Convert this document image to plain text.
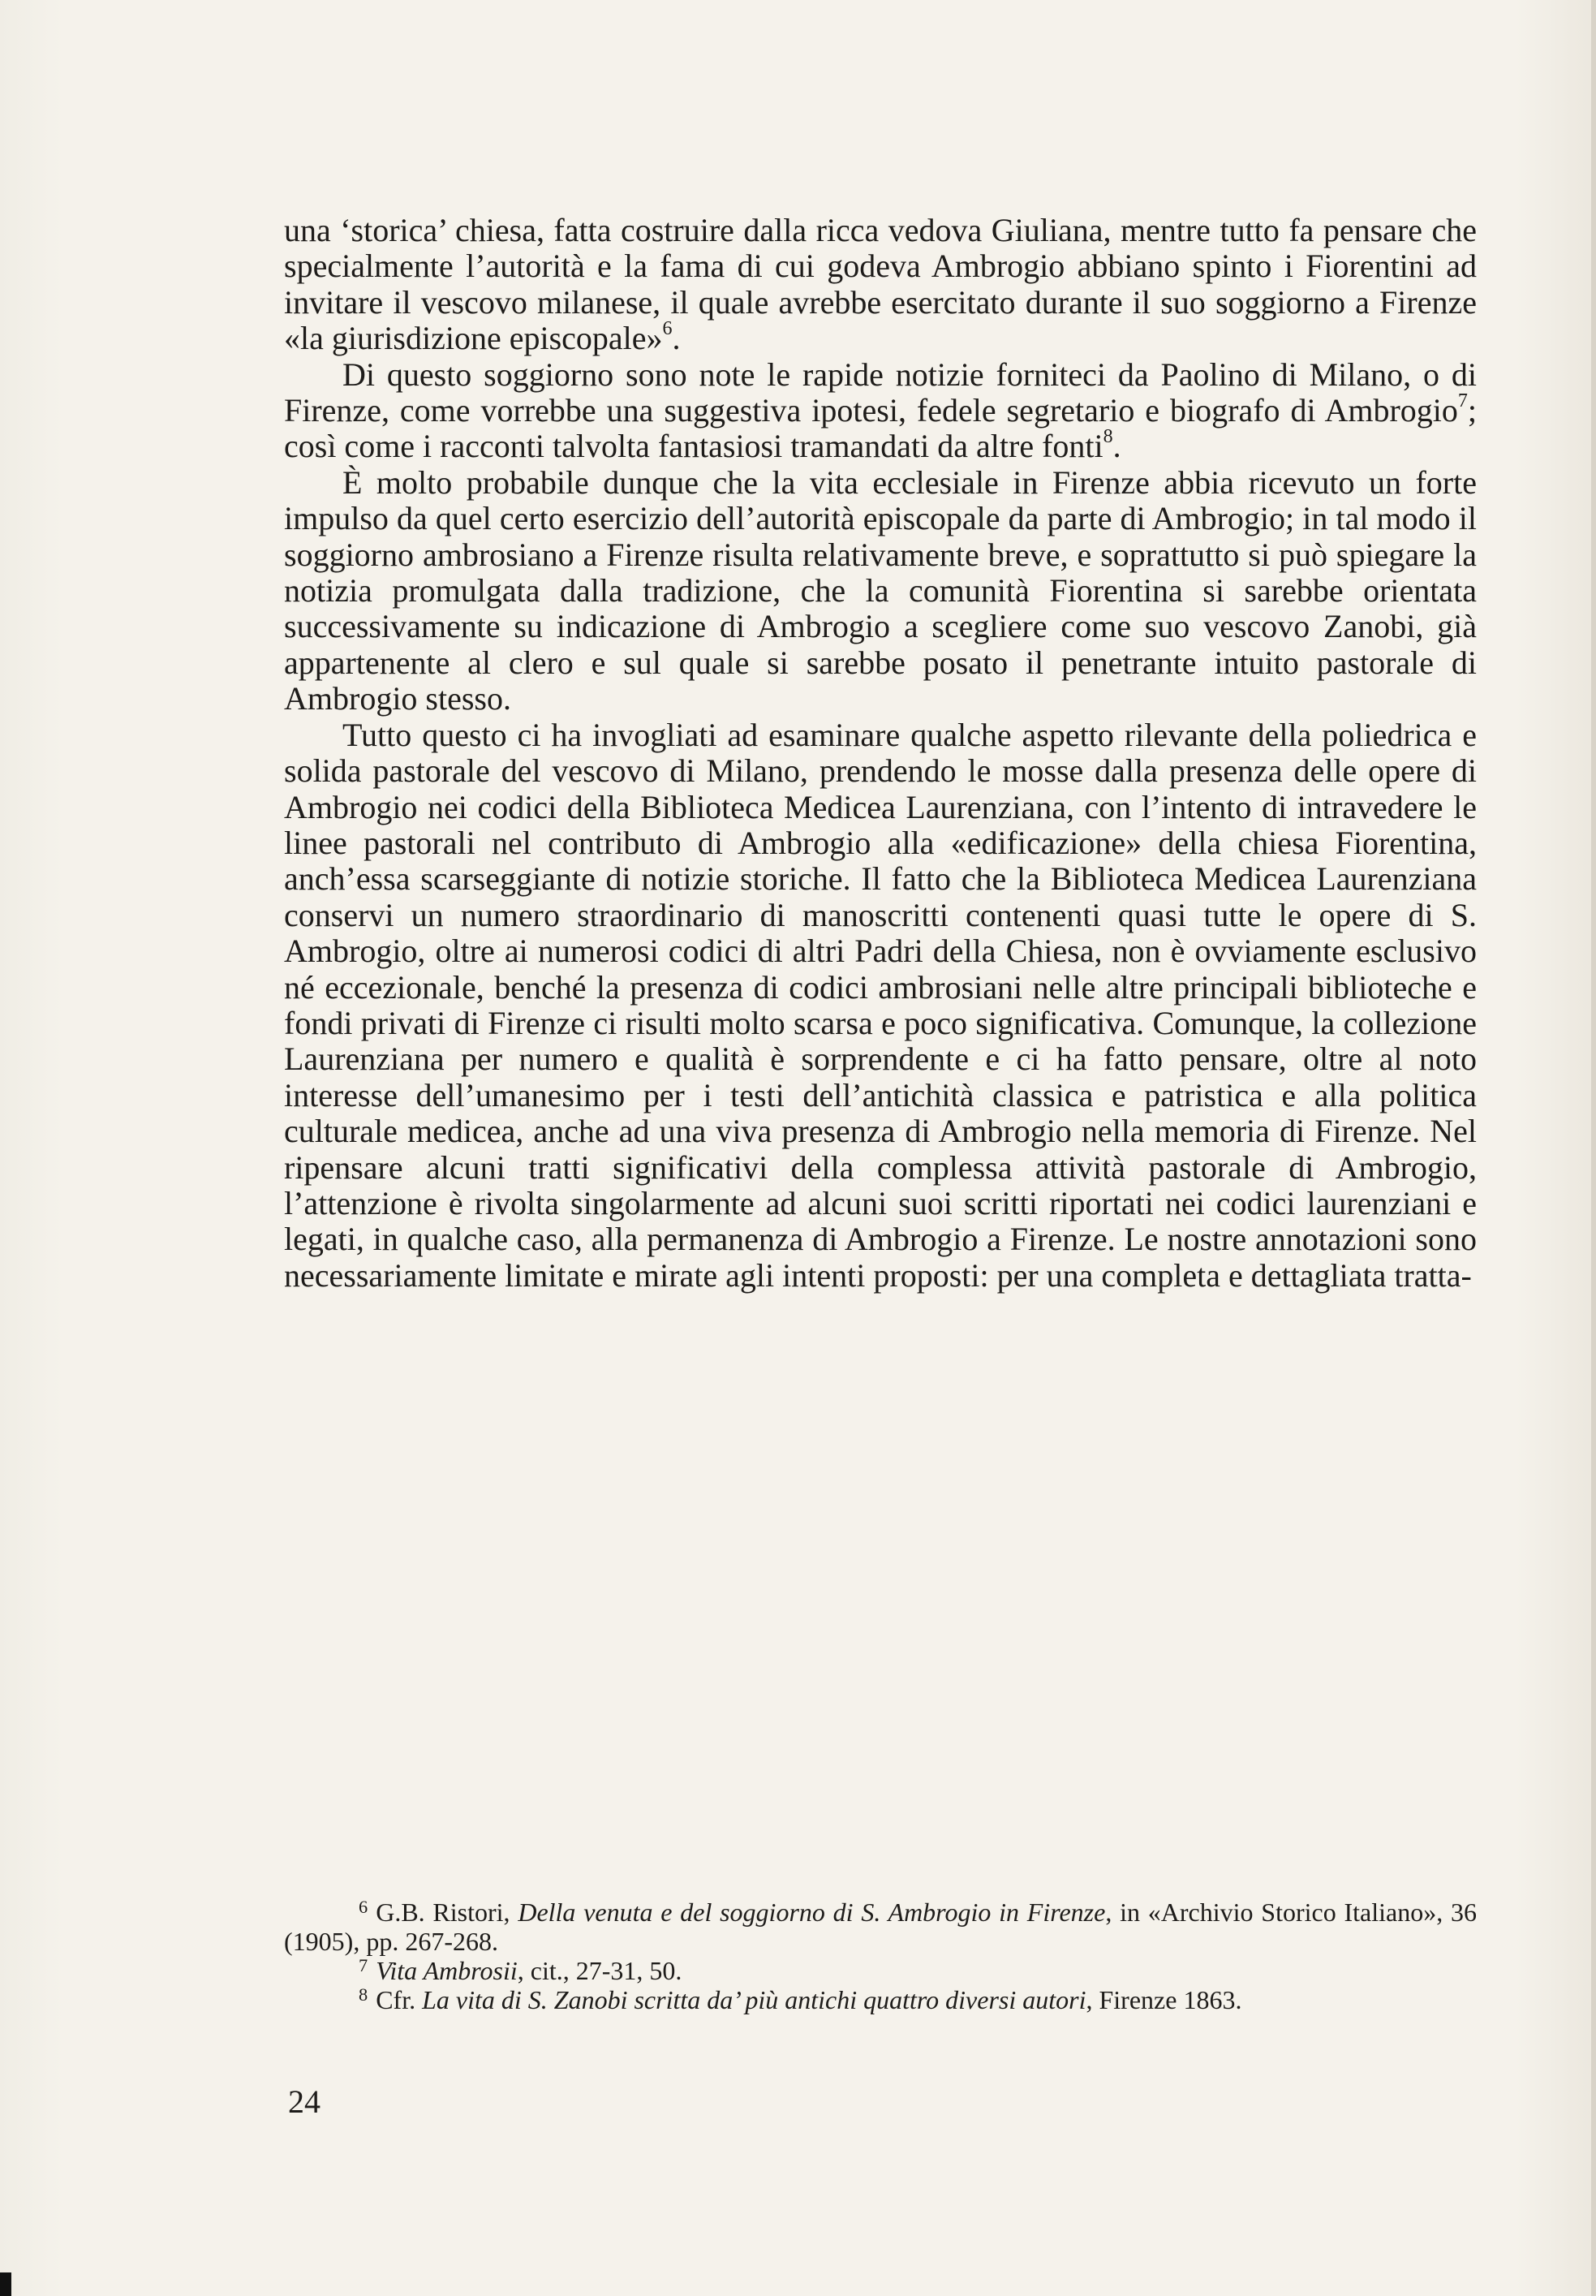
una ‘storica’ chiesa, fatta costruire dalla ricca vedova Giuliana, mentre tutto fa pensare che specialmente l’autorità e la fama di cui godeva Ambrogio abbiano spinto i Fiorentini ad invitare il vescovo milanese, il quale avrebbe esercitato durante il suo soggiorno a Firenze «la giurisdizione episcopale»$^6$.

Di questo soggiorno sono note le rapide notizie forniteci da Paolino di Milano, o di Firenze, come vorrebbe una suggestiva ipotesi, fedele segretario e biografo di Ambrogio$^7$; così come i racconti talvolta fantasiosi tramandati da altre fonti$^8$.

È molto probabile dunque che la vita ecclesiale in Firenze abbia ricevuto un forte impulso da quel certo esercizio dell’autorità episcopale da parte di Ambrogio; in tal modo il soggiorno ambrosiano a Firenze risulta relativamente breve, e soprattutto si può spiegare la notizia promulgata dalla tradizione, che la comunità Fiorentina si sarebbe orientata successivamente su indicazione di Ambrogio a scegliere come suo vescovo Zanobi, già appartenente al clero e sul quale si sarebbe posato il penetrante intuito pastorale di Ambrogio stesso.

Tutto questo ci ha invogliati ad esaminare qualche aspetto rilevante della poliedrica e solida pastorale del vescovo di Milano, prendendo le mosse dalla presenza delle opere di Ambrogio nei codici della Biblioteca Medicea Laurenziana, con l’intento di intravedere le linee pastorali nel contributo di Ambrogio alla «edificazione» della chiesa Fiorentina, anch’essa scarseggiante di notizie storiche. Il fatto che la Biblioteca Medicea Laurenziana conservi un numero straordinario di manoscritti contenenti quasi tutte le opere di S. Ambrogio, oltre ai numerosi codici di altri Padri della Chiesa, non è ovviamente esclusivo né eccezionale, benché la presenza di codici ambrosiani nelle altre principali biblioteche e fondi privati di Firenze ci risulti molto scarsa e poco significativa. Comunque, la collezione Laurenziana per numero e qualità è sorprendente e ci ha fatto pensare, oltre al noto interesse dell’umanesimo per i testi dell’antichità classica e patristica e alla politica culturale medicea, anche ad una viva presenza di Ambrogio nella memoria di Firenze. Nel ripensare alcuni tratti significativi della complessa attività pastorale di Ambrogio, l’attenzione è rivolta singolarmente ad alcuni suoi scritti riportati nei codici laurenziani e legati, in qualche caso, alla permanenza di Ambrogio a Firenze. Le nostre annotazioni sono necessariamente limitate e mirate agli intenti proposti: per una completa e dettagliata tratta-

$^6$ G.B. Ristori, Della venuta e del soggiorno di S. Ambrogio in Firenze, in «Archivio Storico Italiano», 36 (1905), pp. 267-268.

$^7$ Vita Ambrosii, cit., 27-31, 50.

$^8$ Cfr. La vita di S. Zanobi scritta da’ più antichi quattro diversi autori, Firenze 1863.

24
